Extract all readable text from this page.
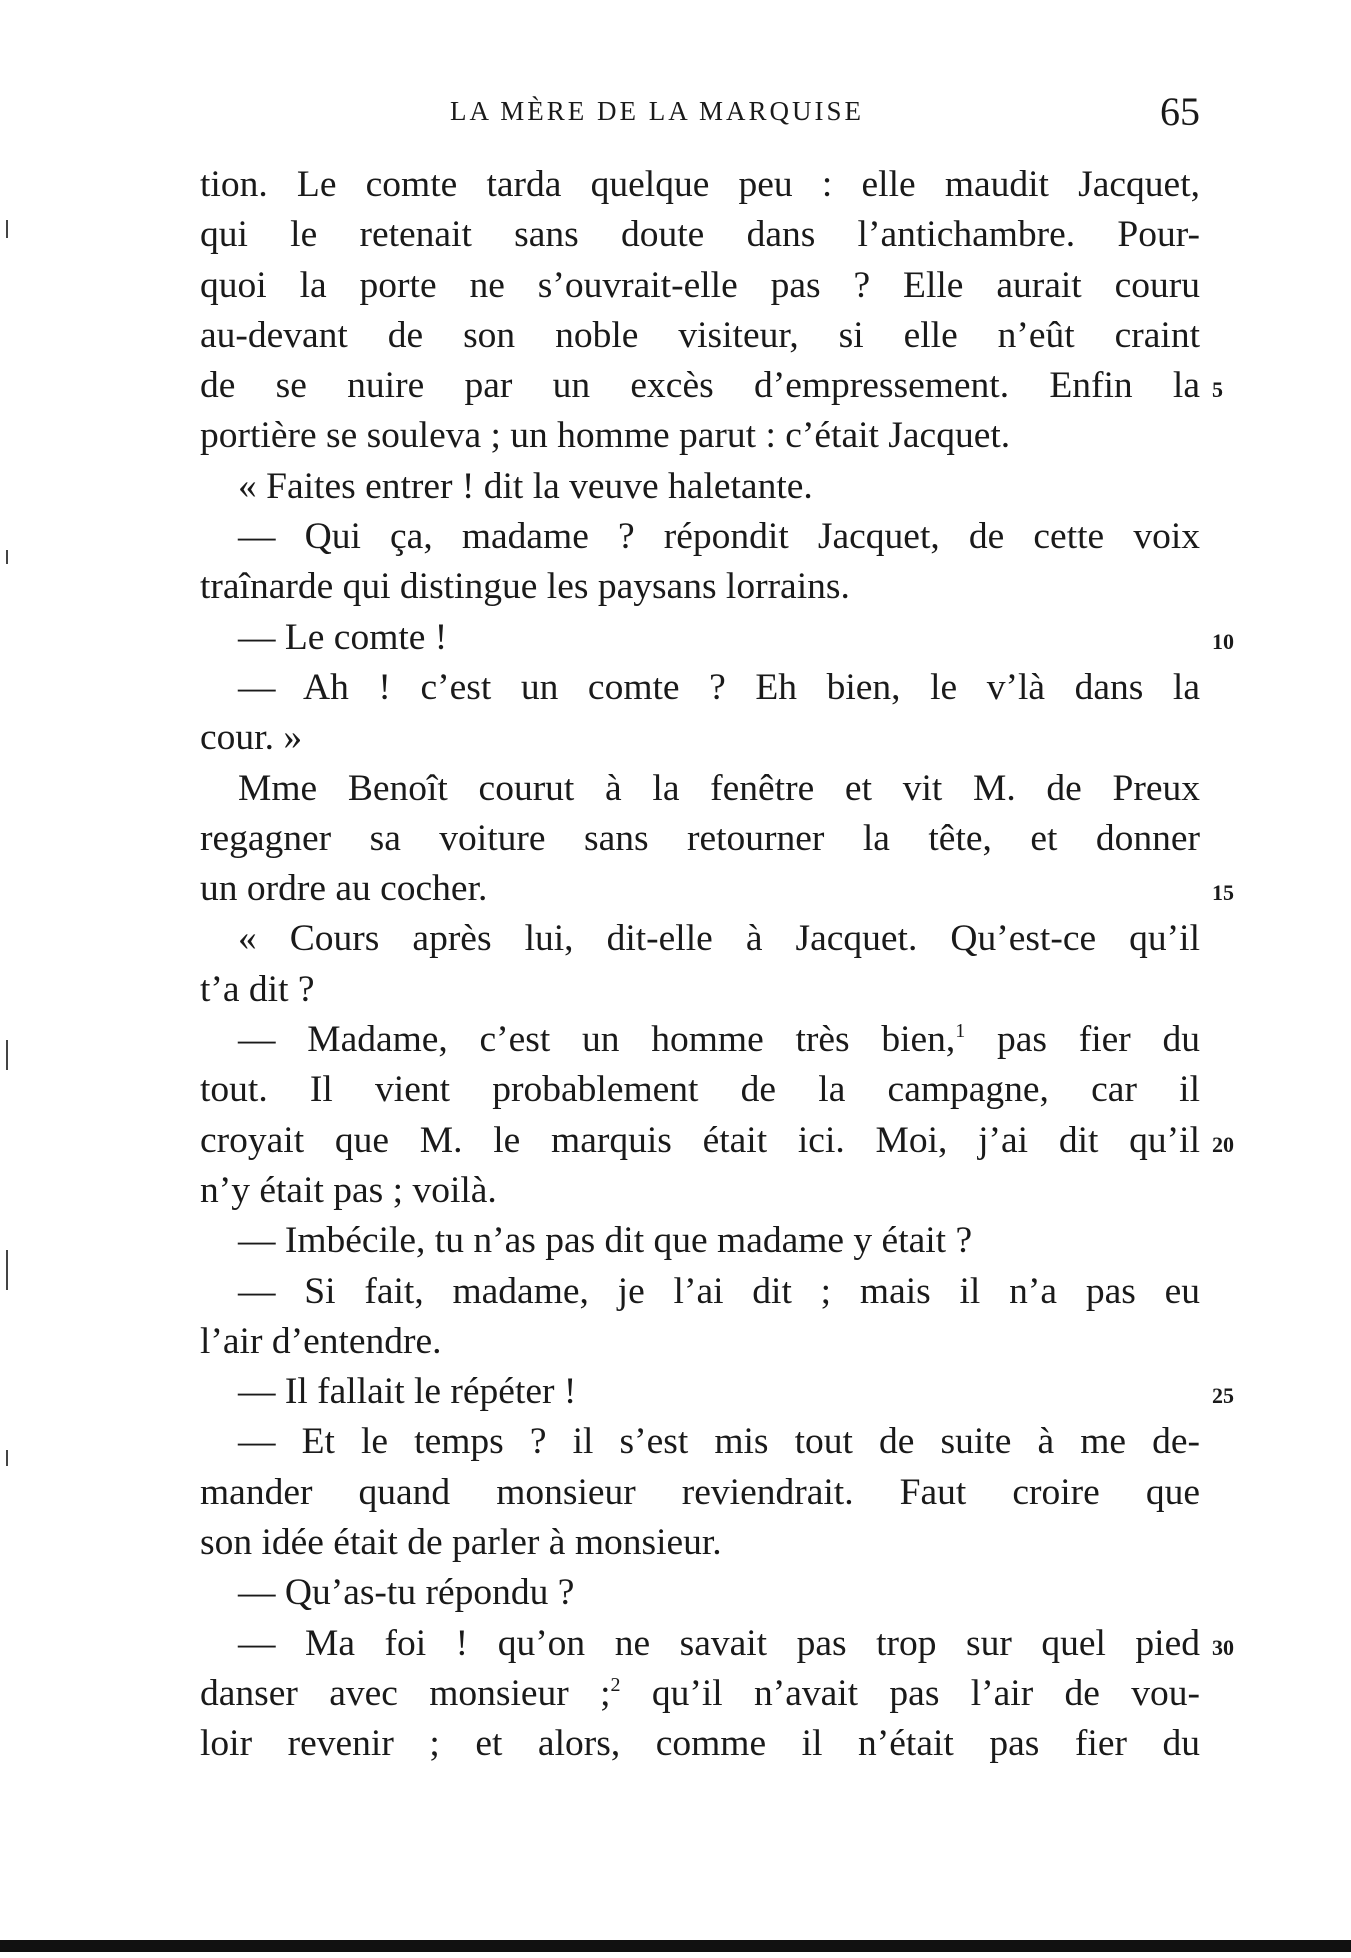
LA MÈRE DE LA MARQUISE	65
tion. Le comte tarda quelque peu : elle maudit Jacquet,
qui le retenait sans doute dans l’antichambre. Pour-
quoi la porte ne s’ouvrait-elle pas ? Elle aurait couru
au-devant de son noble visiteur, si elle n’eût craint
de se nuire par un excès d’empressement. Enfin la 5
portière se souleva ; un homme parut : c’était Jacquet.
« Faites entrer ! dit la veuve haletante.
— Qui ça, madame ? répondit Jacquet, de cette voix
traînarde qui distingue les paysans lorrains.
— Le comte !	10
— Ah ! c’est un comte ? Eh bien, le v’là dans la
cour. »
Mme Benoît courut à la fenêtre et vit M. de Preux
regagner sa voiture sans retourner la tête, et donner
un ordre au cocher.	15
« Cours après lui, dit-elle à Jacquet. Qu’est-ce qu’il
t’a dit ?
— Madame, c’est un homme très bien,$^1$ pas fier du
tout. Il vient probablement de la campagne, car il
croyait que M. le marquis était ici. Moi, j’ai dit qu’il 20
n’y était pas ; voilà.
— Imbécile, tu n’as pas dit que madame y était ?
— Si fait, madame, je l’ai dit ; mais il n’a pas eu
l’air d’entendre.
— Il fallait le répéter !	25
— Et le temps ? il s’est mis tout de suite à me de-
mander quand monsieur reviendrait. Faut croire que
son idée était de parler à monsieur.
— Qu’as-tu répondu ?
— Ma foi ! qu’on ne savait pas trop sur quel pied 30
danser avec monsieur ;$^2$ qu’il n’avait pas l’air de vou-
loir revenir ; et alors, comme il n’était pas fier du
